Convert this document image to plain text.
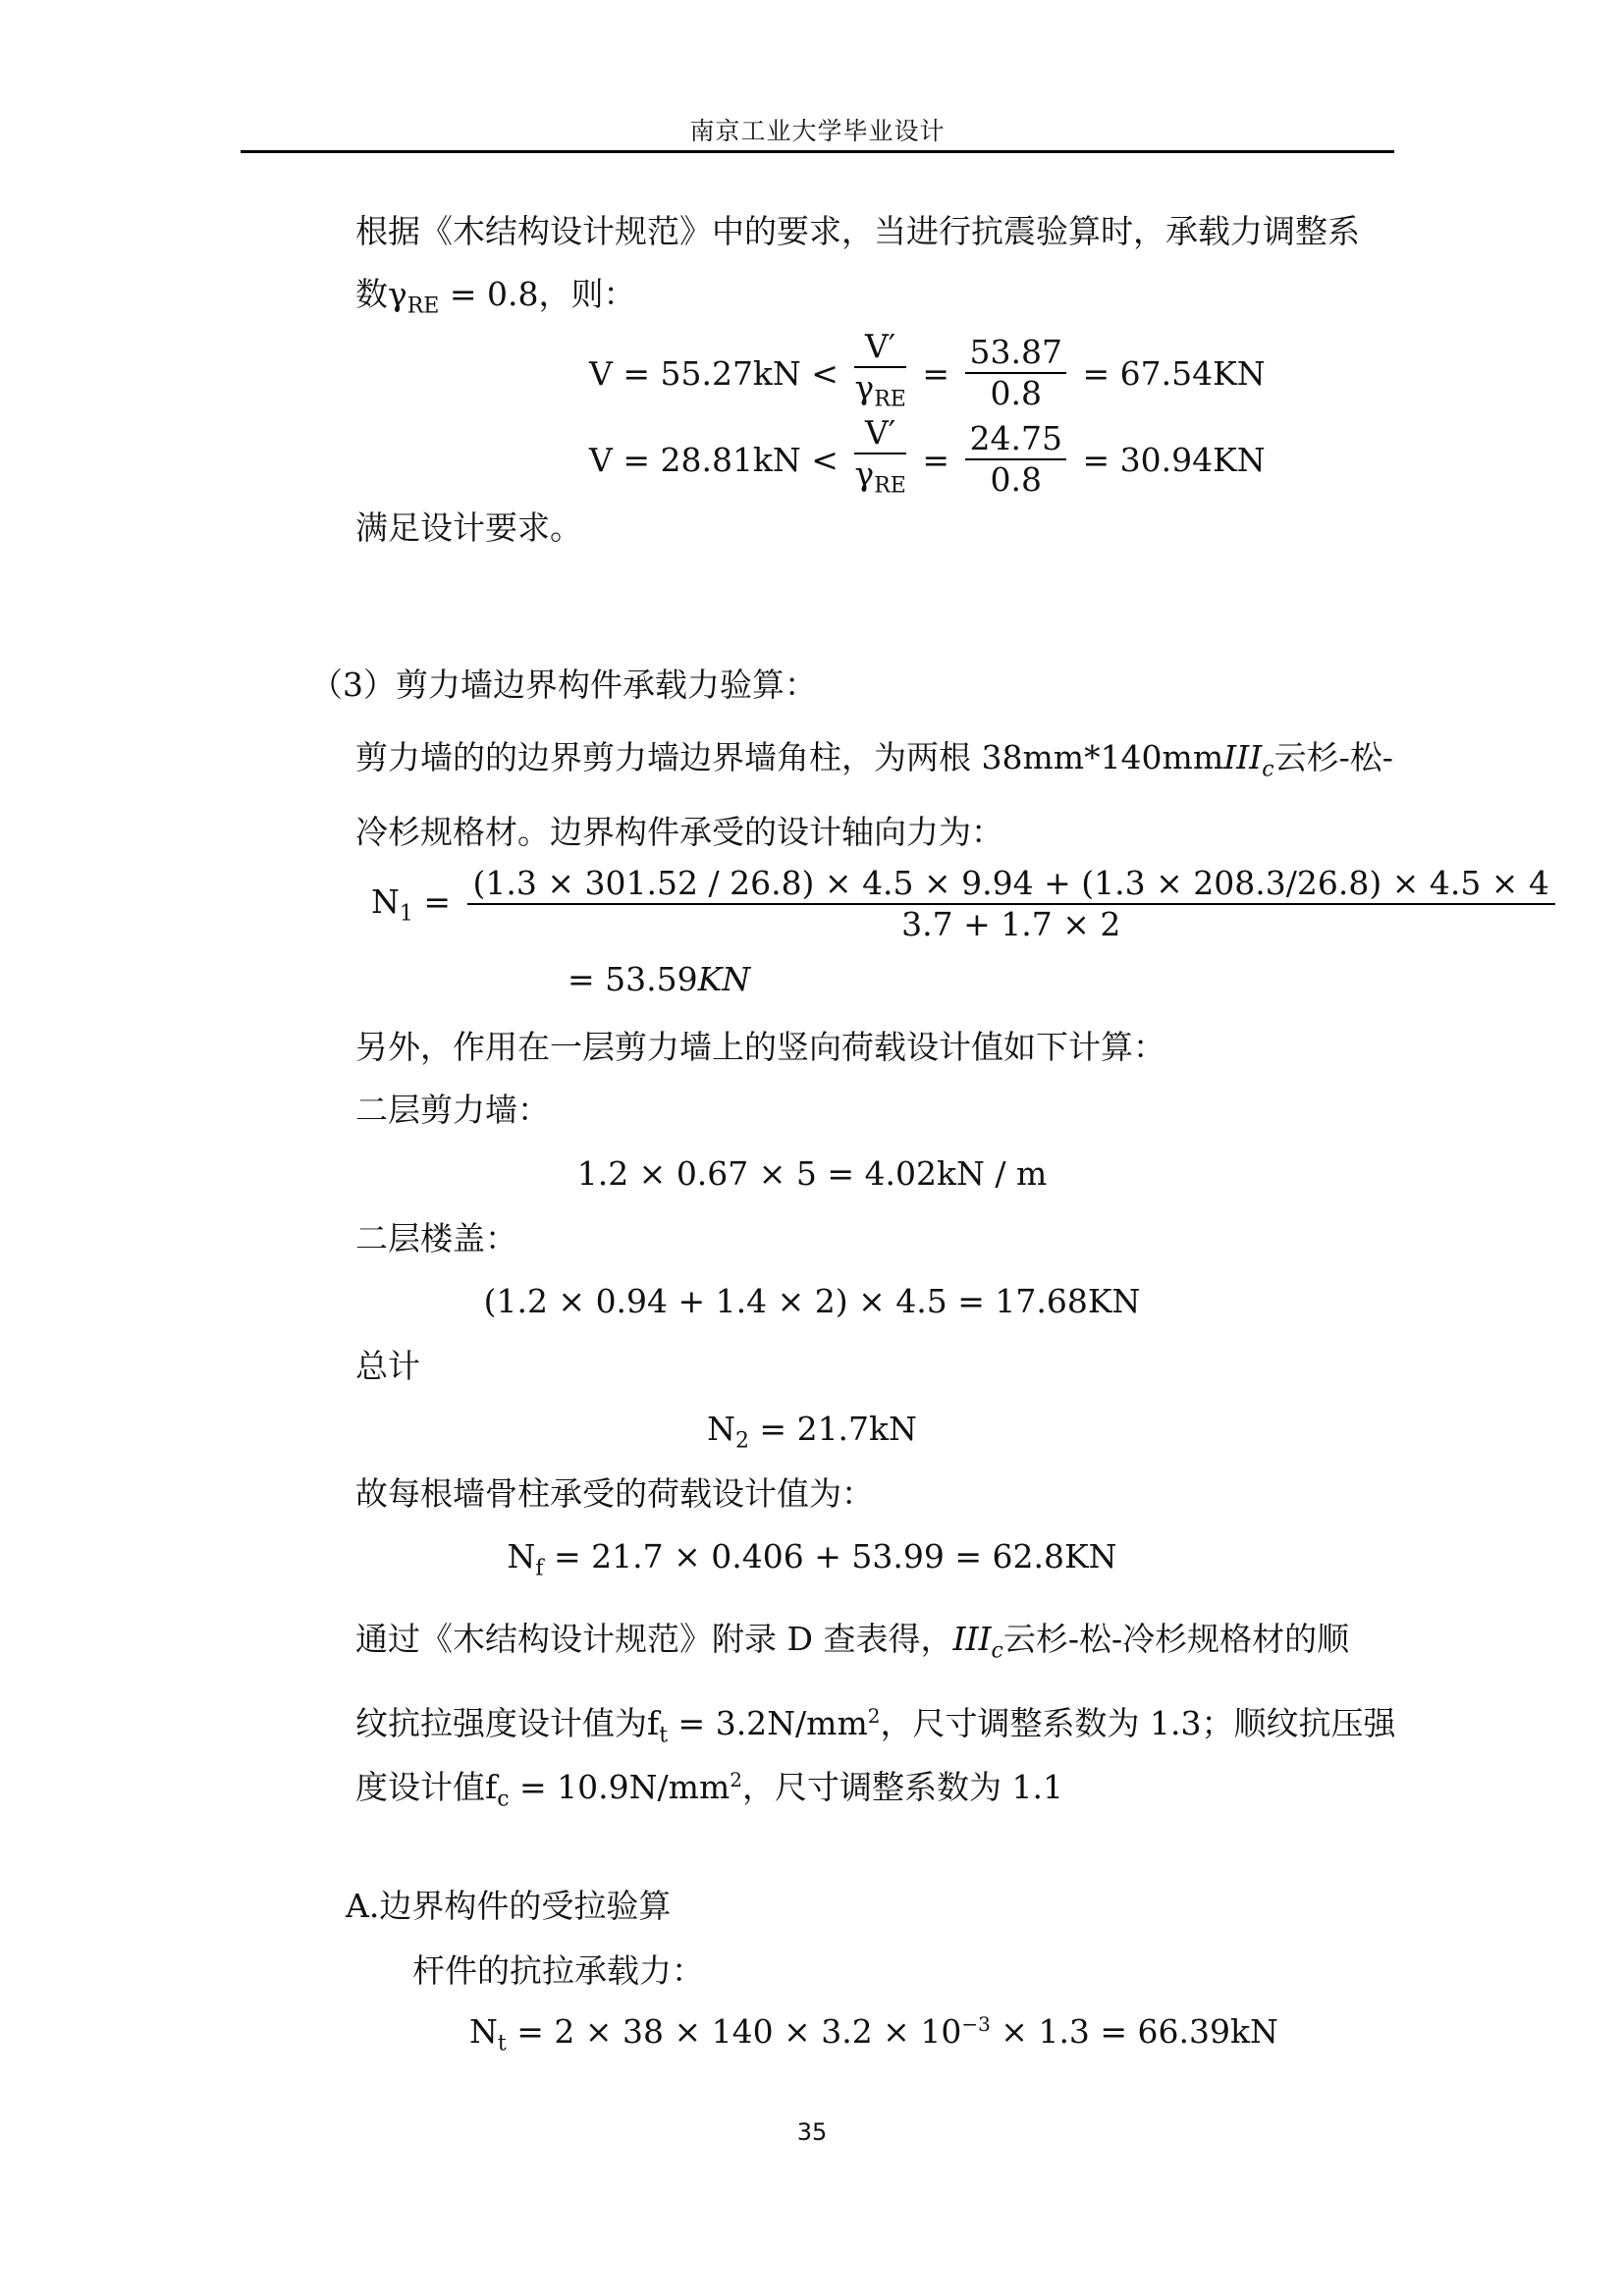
南京工业大学毕业设计
根据《木结构设计规范》中的要求，当进行抗震验算时，承载力调整系
数$\gamma_{RE} = 0.8$，则：
$V = 55.27kN < \frac{V'}{\gamma_{RE}} = \frac{53.87}{0.8} = 67.54KN$
$V = 28.81kN < \frac{V'}{\gamma_{RE}} = \frac{24.75}{0.8} = 30.94KN$
满足设计要求。
（3）剪力墙边界构件承载力验算：
剪力墙的的边界剪力墙边界墙角柱，为两根 38mm*140mmIII$_c$云杉-松-
冷杉规格材。边界构件承受的设计轴向力为：
$N_1 = (1.3 \times 301.52 / 26.8) \times 4.5 \times 9.94 + (1.3 \times 208.3/26.8) \times 4.5 \times 4$
3.7 + 1.7 × 2
= 53.59KN
另外，作用在一层剪力墙上的竖向荷载设计值如下计算：
二层剪力墙：
1.2 × 0.67 × 5 = 4.02kN / m
二层楼盖：
(1.2 × 0.94 + 1.4 × 2) × 4.5 = 17.68KN
总计
$N_2 = 21.7kN$
故每根墙骨柱承受的荷载设计值为：
$N_f = 21.7 \times 0.406 + 53.99 = 62.8KN$
通过《木结构设计规范》附录 D 查表得，$III_c$云杉-松-冷杉规格材的顺
纹抗拉强度设计值为$f_t = 3.2N/mm^2$，尺寸调整系数为 1.3；顺纹抗压强
度设计值$f_c = 10.9N/mm^2$，尺寸调整系数为 1.1
A.边界构件的受拉验算
杆件的抗拉承载力：
$N_t = 2 \times 38 \times 140 \times 3.2 \times 10^{-3} \times 1.3 = 66.39kN$
35
